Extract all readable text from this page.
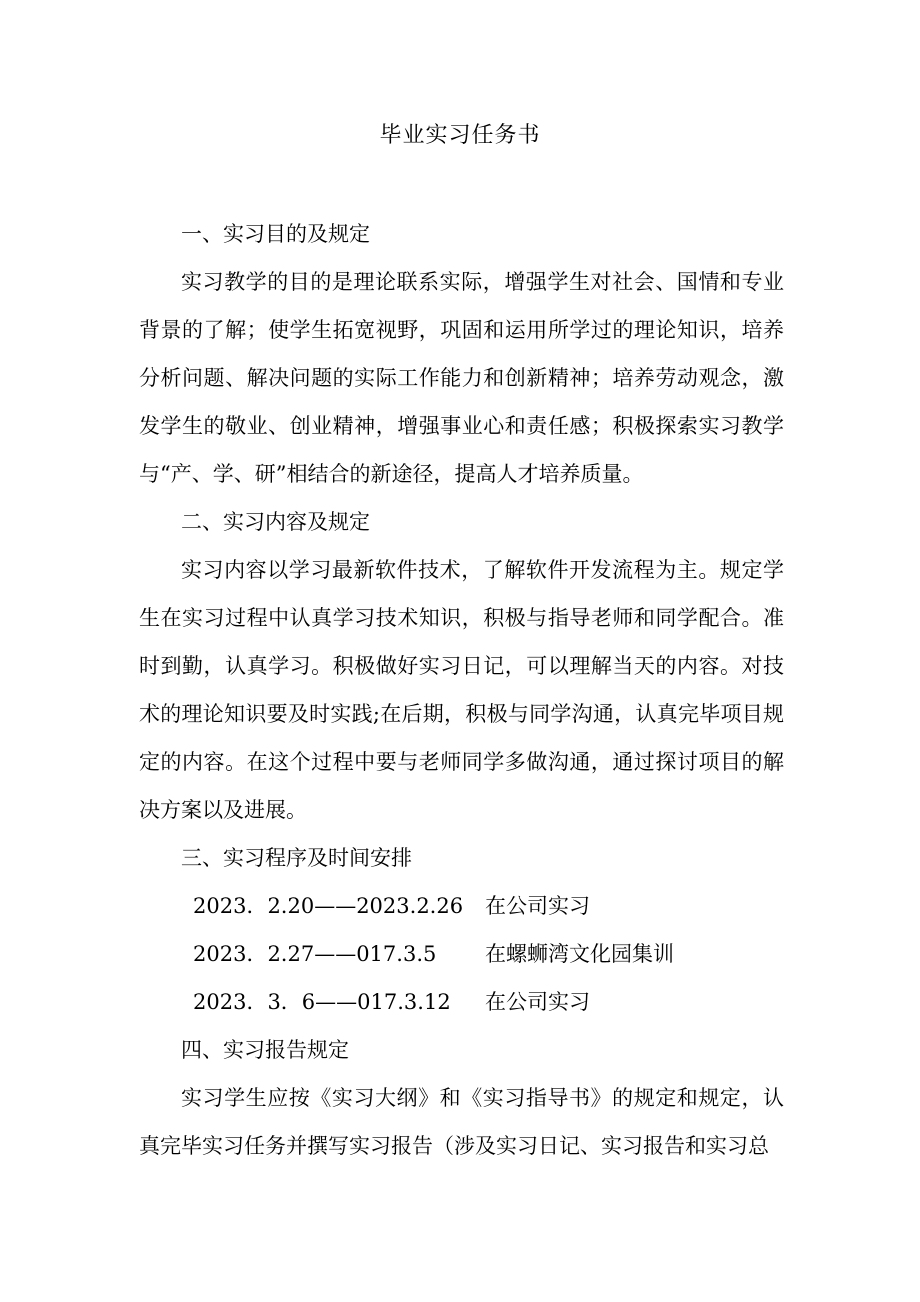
毕业实习任务书

一、实习目的及规定

实习教学的目的是理论联系实际，增强学生对社会、国情和专业背景的了解；使学生拓宽视野，巩固和运用所学过的理论知识，培养分析问题、解决问题的实际工作能力和创新精神；培养劳动观念，激发学生的敬业、创业精神，增强事业心和责任感；积极探索实习教学与“产、学、研”相结合的新途径，提高人才培养质量。

二、实习内容及规定

实习内容以学习最新软件技术，了解软件开发流程为主。规定学生在实习过程中认真学习技术知识，积极与指导老师和同学配合。准时到勤，认真学习。积极做好实习日记，可以理解当天的内容。对技术的理论知识要及时实践;在后期，积极与同学沟通，认真完毕项目规定的内容。在这个过程中要与老师同学多做沟通，通过探讨项目的解决方案以及进展。

三、实习程序及时间安排

2023．2.20——2023.2.26	在公司实习
2023．2.27——017.3.5	在螺蛳湾文化园集训
2023．3．6——017.3.12	在公司实习

四、实习报告规定

实习学生应按《实习大纲》和《实习指导书》的规定和规定，认真完毕实习任务并撰写实习报告（涉及实习日记、实习报告和实习总
